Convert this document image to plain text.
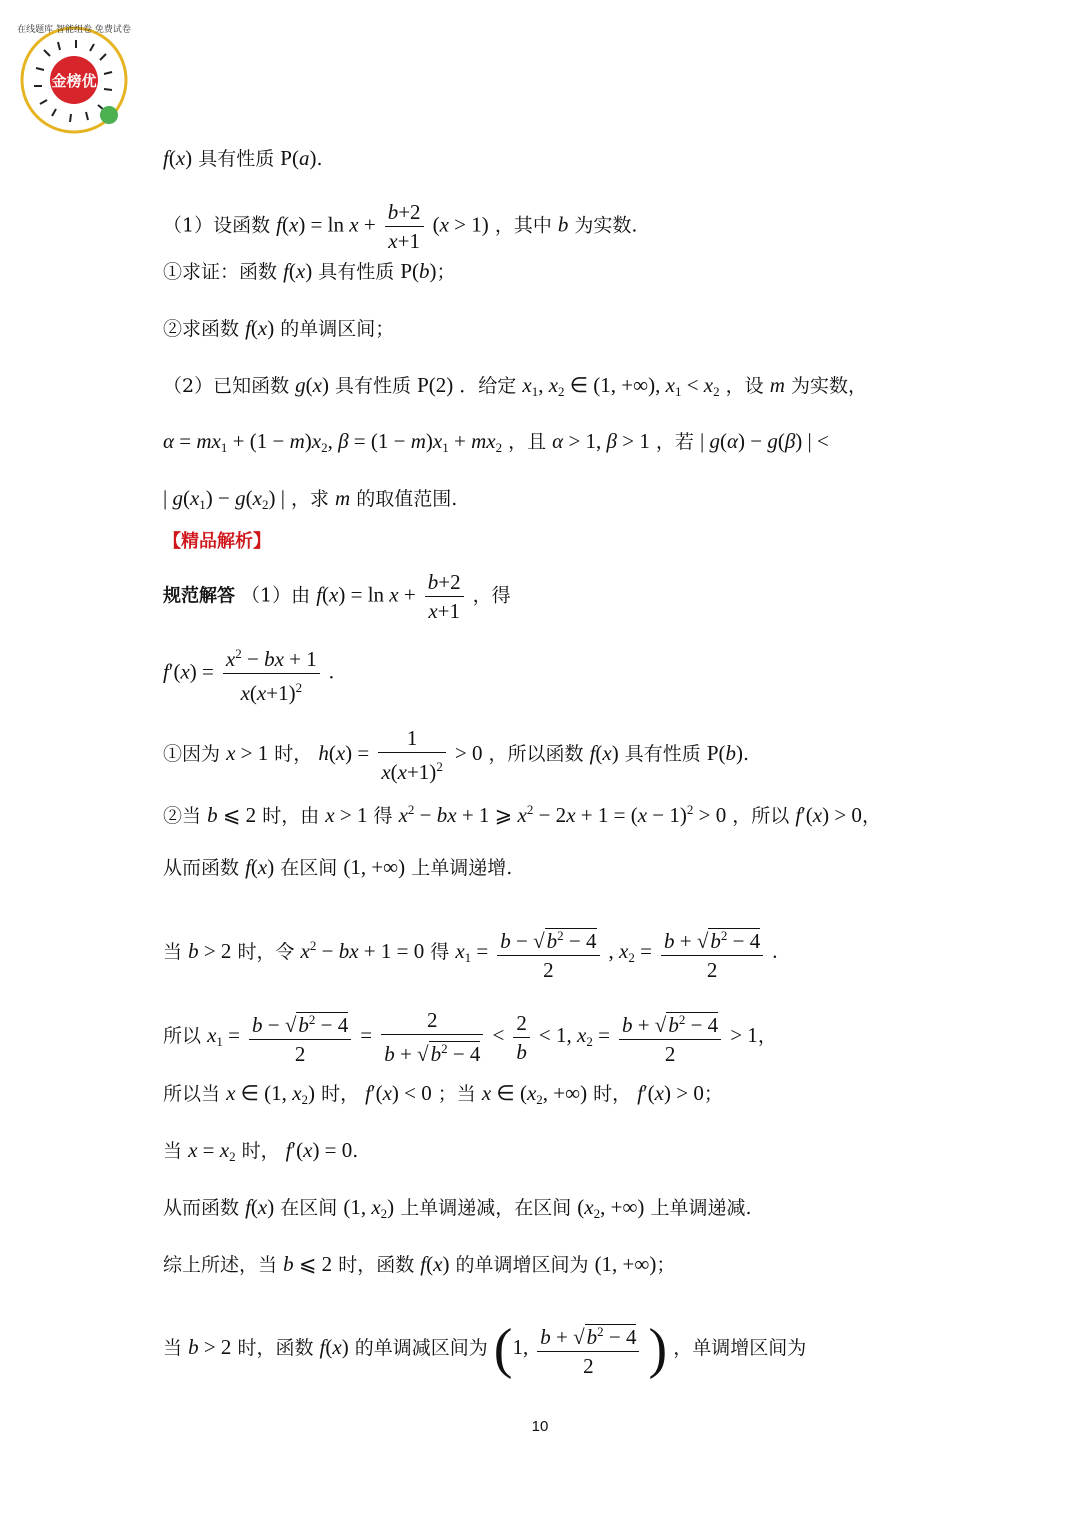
金榜优
在线题库 智能组卷 免费试卷
f(x) 具有性质 P(a).
（1）设函数 $f(x) = \ln x + \frac{b+2}{x+1} (x > 1)$ ，其中 b 为实数.
①求证：函数 f(x) 具有性质 P(b)；
②求函数 f(x) 的单调区间；
（2）已知函数 g(x) 具有性质 P(2) ．给定 x1, x2 ∈ (1, +∞), x1 < x2 ，设 m 为实数，
α = mx1 + (1 − m)x2, β = (1 − m)x1 + mx2 ，且 α > 1, β > 1 ，若 | g(α) − g(β) | <
| g(x1) − g(x2) | ，求 m 的取值范围.
【精品解析】
规范解答 （1）由 $f(x) = \ln x + \frac{b+2}{x+1}$ ，得
$f'(x) = \frac{x^2 - bx + 1}{x(x+1)^2}$ .
①因为 x > 1 时， $h(x) = \frac{1}{x(x+1)^2} > 0$ ，所以函数 f(x) 具有性质 P(b).
②当 b ⩽ 2 时，由 x > 1 得 $x^2$ − bx + 1 ⩾ $x^2 - 2x + 1 = (x - 1)^2 > 0$ ，所以 f′(x) > 0，
从而函数 f(x) 在区间 (1, +∞) 上单调递增.
当 b > 2 时，令 $x^2$ − bx + 1 = 0 得 $x1 = \frac{b - √b^2 - 4}{2}$ , $x2 = \frac{b + √b^2 - 4}{2}$ .
所以 $x1 = \frac{b - √b^2 - 4}{2} = \frac{2}{b + √b^2 - 4} < \frac{2}{b} < 1$, $x2 = \frac{b + √b^2 - 4}{2} > 1$，
所以当 x ∈ (1, x2) 时， f′(x) < 0 ；当 x ∈ (x2, +∞) 时， f′(x) > 0；
当 x = x2 时， f′(x) = 0.
从而函数 f(x) 在区间 (1, x2) 上单调递减，在区间 (x2, +∞) 上单调递减.
综上所述，当 b ⩽ 2 时，函数 f(x) 的单调增区间为 (1, +∞)；
当 b > 2 时，函数 f(x) 的单调减区间为 (1, $\frac{b + √b^2 - 4}{2}$ ) ，单调增区间为
10
